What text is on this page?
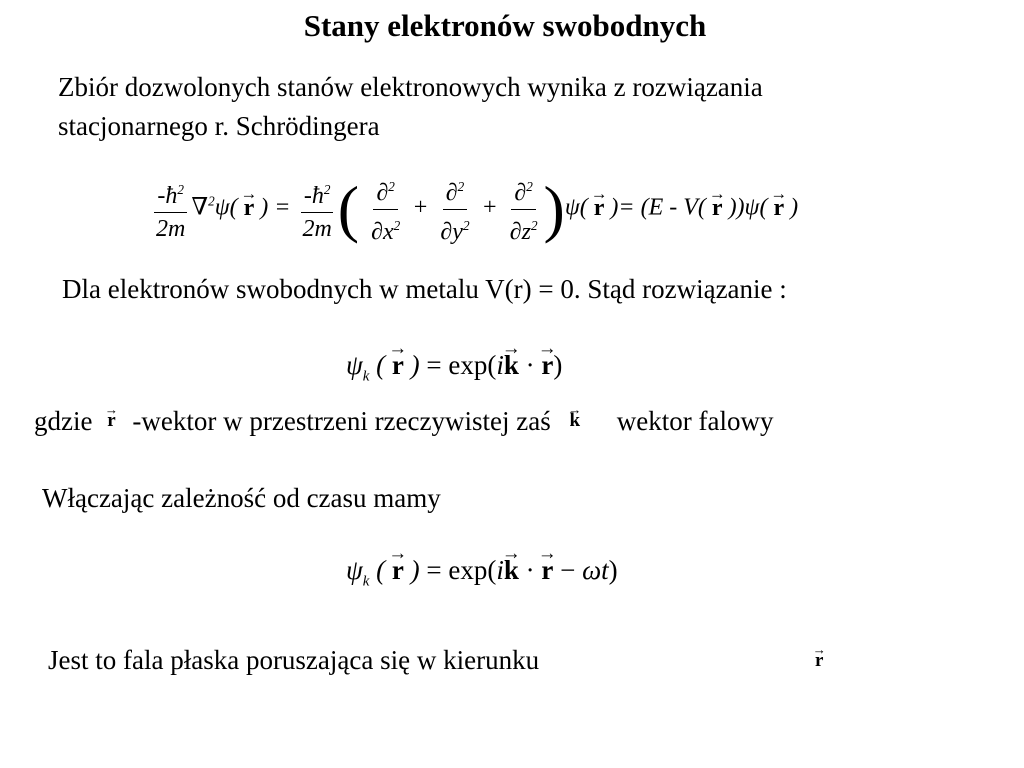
Stany elektronów swobodnych
Zbiór dozwolonych stanów elektronowych wynika z rozwiązania
stacjonarnego r. Schrödingera
$\frac{-ħ^2}{2m} \nabla^2\psi( \to r$ ) = $\frac{-ħ^2}{2m}$ ( $\frac{\partial^2}{\partial x^2} + \frac{\partial^2}{\partial y^2} + \frac{\partial^2}{\partial z^2} )\psi( \to r$ )= (E - V( → r ))ψ( → r )
Dla elektronów swobodnych w metalu V(r) = 0. Stąd rozwiązanie :
$\psi_k$ ( → r ) = exp(i→ k · → r)
gdzie → r -wektor w przestrzeni rzeczywistej zaś → k wektor falowy
Włączając zależność od czasu mamy
$\psi_k$ ( → r ) = exp(i→ k · → r − ωt)
Jest to fala płaska poruszająca się w kierunku	→ r
